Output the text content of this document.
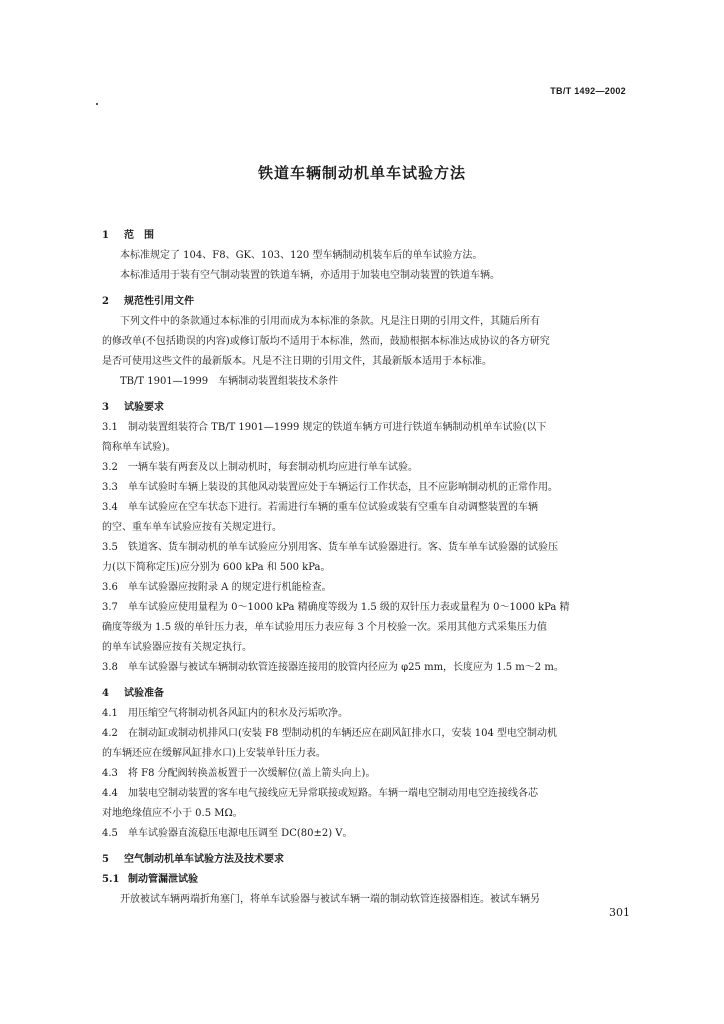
TB/T 1492—2002
铁道车辆制动机单车试验方法
1 范　围
本标准规定了 104、F8、GK、103、120 型车辆制动机装车后的单车试验方法。
本标准适用于装有空气制动装置的铁道车辆，亦适用于加装电空制动装置的铁道车辆。
2 规范性引用文件
下列文件中的条款通过本标准的引用而成为本标准的条款。凡是注日期的引用文件，其随后所有
的修改单(不包括勘误的内容)或修订版均不适用于本标准，然而，鼓励根据本标准达成协议的各方研究
是否可使用这些文件的最新版本。凡是不注日期的引用文件，其最新版本适用于本标准。
TB/T 1901—1999　车辆制动装置组装技术条件
3 试验要求
3.1 制动装置组装符合 TB/T 1901—1999 规定的铁道车辆方可进行铁道车辆制动机单车试验(以下
简称单车试验)。
3.2 一辆车装有两套及以上制动机时，每套制动机均应进行单车试验。
3.3 单车试验时车辆上装设的其他风动装置应处于车辆运行工作状态，且不应影响制动机的正常作用。
3.4 单车试验应在空车状态下进行。若需进行车辆的重车位试验或装有空重车自动调整装置的车辆
的空、重车单车试验应按有关规定进行。
3.5 铁道客、货车制动机的单车试验应分别用客、货车单车试验器进行。客、货车单车试验器的试验压
力(以下简称定压)应分别为 600 kPa 和 500 kPa。
3.6 单车试验器应按附录 A 的规定进行机能检查。
3.7 单车试验应使用量程为 0～1000 kPa 精确度等级为 1.5 级的双针压力表或量程为 0～1000 kPa 精
确度等级为 1.5 级的单针压力表，单车试验用压力表应每 3 个月校验一次。采用其他方式采集压力值
的单车试验器应按有关规定执行。
3.8 单车试验器与被试车辆制动软管连接器连接用的胶管内径应为 φ25 mm，长度应为 1.5 m～2 m。
4 试验准备
4.1 用压缩空气将制动机各风缸内的积水及污垢吹净。
4.2 在制动缸或制动机排风口(安装 F8 型制动机的车辆还应在副风缸排水口，安装 104 型电空制动机
的车辆还应在缓解风缸排水口)上安装单针压力表。
4.3 将 F8 分配阀转换盖板置于一次缓解位(盖上箭头向上)。
4.4 加装电空制动装置的客车电气接线应无异常联接或短路。车辆一端电空制动用电空连接线各芯
对地绝缘值应不小于 0.5 MΩ。
4.5 单车试验器直流稳压电源电压调至 DC(80±2) V。
5 空气制动机单车试验方法及技术要求
5.1 制动管漏泄试验
开放被试车辆两端折角塞门，将单车试验器与被试车辆一端的制动软管连接器相连。被试车辆另
301
